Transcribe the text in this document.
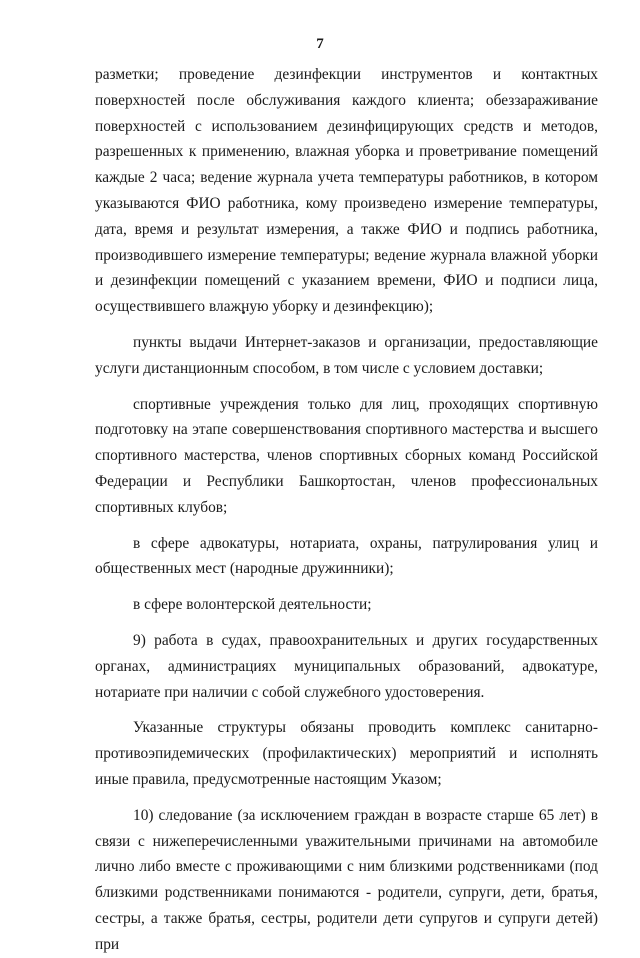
7

разметки; проведение дезинфекции инструментов и контактных поверхностей после обслуживания каждого клиента; обеззараживание поверхностей с использованием дезинфицирующих средств и методов, разрешенных к применению, влажная уборка и проветривание помещений каждые 2 часа; ведение журнала учета температуры работников, в котором указываются ФИО работника, кому произведено измерение температуры, дата, время и результат измерения, а также ФИО и подпись работника, производившего измерение температуры; ведение журнала влажной уборки и дезинфекции помещений с указанием времени, ФИО и подписи лица, осуществившего влажную уборку и дезинфекцию);

пункты выдачи Интернет-заказов и организации, предоставляющие услуги дистанционным способом, в том числе с условием доставки;

спортивные учреждения только для лиц, проходящих спортивную подготовку на этапе совершенствования спортивного мастерства и высшего спортивного мастерства, членов спортивных сборных команд Российской Федерации и Республики Башкортостан, членов профессиональных спортивных клубов;

в сфере адвокатуры, нотариата, охраны, патрулирования улиц и общественных мест (народные дружинники);

в сфере волонтерской деятельности;

9) работа в судах, правоохранительных и других государственных органах, администрациях муниципальных образований, адвокатуре, нотариате при наличии с собой служебного удостоверения.

Указанные структуры обязаны проводить комплекс санитарно-противоэпидемических (профилактических) мероприятий и исполнять иные правила, предусмотренные настоящим Указом;

10) следование (за исключением граждан в возрасте старше 65 лет) в связи с нижеперечисленными уважительными причинами на автомобиле лично либо вместе с проживающими с ним близкими родственниками (под близкими родственниками понимаются - родители, супруги, дети, братья, сестры, а также братья, сестры, родители дети супругов и супруги детей) при
